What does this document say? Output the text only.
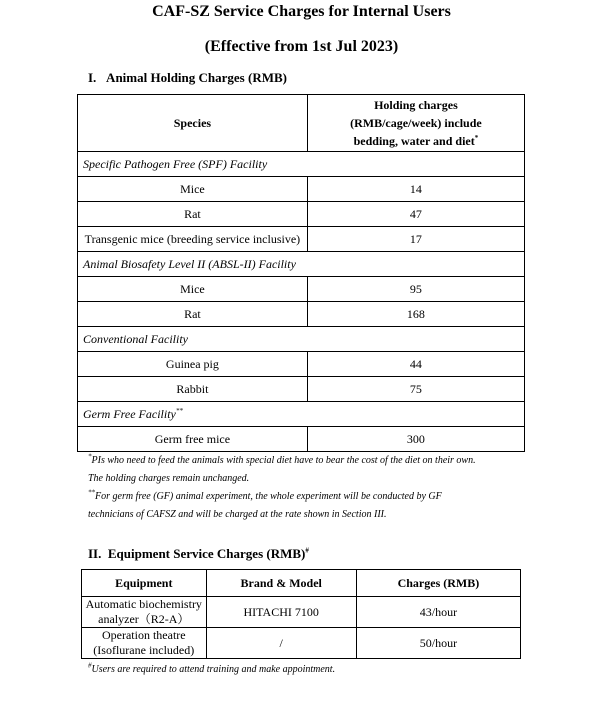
CAF-SZ Service Charges for Internal Users
(Effective from 1st Jul 2023)
I.   Animal Holding Charges (RMB)
Species	Holding charges
(RMB/cage/week) include
bedding, water and diet*
Specific Pathogen Free (SPF) Facility	
Mice	14
Rat	47
Transgenic mice (breeding service inclusive)	17
Animal Biosafety Level II (ABSL-II) Facility	
Mice	95
Rat	168
Conventional Facility	
Guinea pig	44
Rabbit	75
Germ Free Facility**
Germ free mice	300

*PIs who need to feed the animals with special diet have to bear the cost of the diet on their own.

The holding charges remain unchanged.

**For germ free (GF) animal experiment, the whole experiment will be conducted by GF

technicians of CAFSZ and will be charged at the rate shown in Section III.

II.  Equipment Service Charges (RMB)#
Equipment	Brand & Model	Charges (RMB)
Automatic biochemistry
analyzer（R2-A）	HITACHI 7100	43/hour
Operation theatre
(Isoflurane included)	/	50/hour
#Users are required to attend training and make appointment.
